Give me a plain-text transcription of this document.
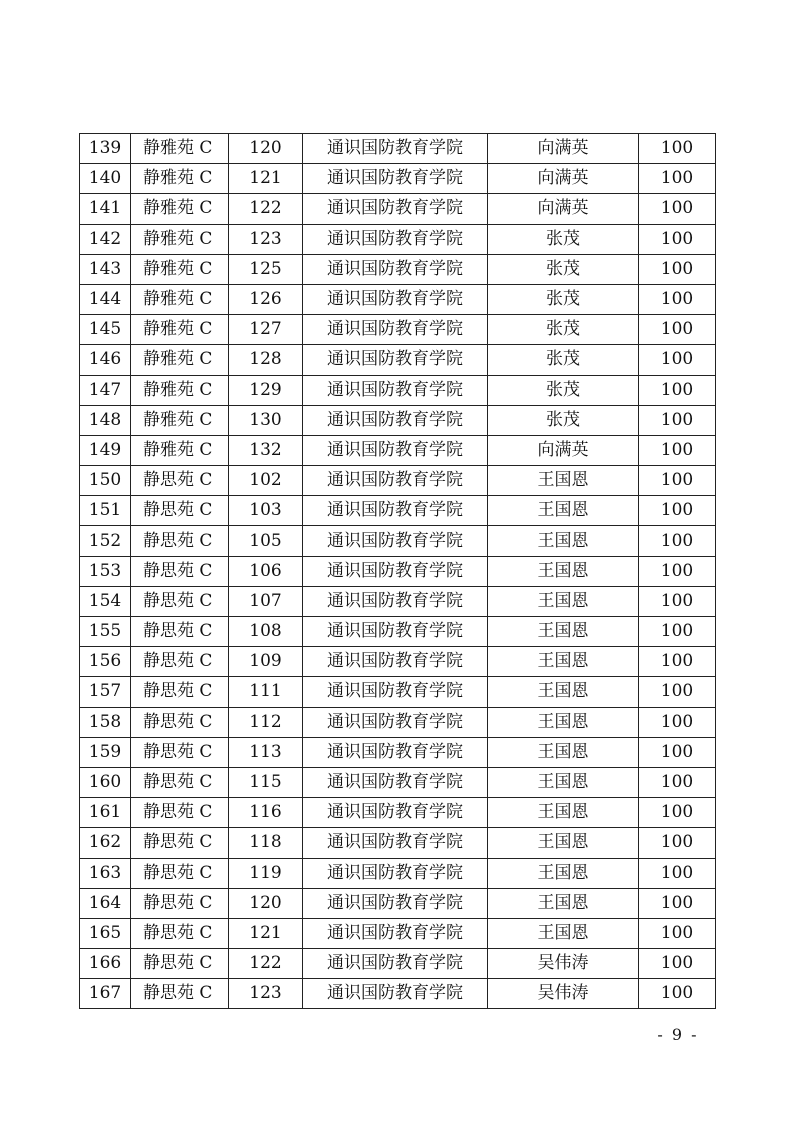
139	静雅苑 C	120	通识国防教育学院	向满英	100
140	静雅苑 C	121	通识国防教育学院	向满英	100
141	静雅苑 C	122	通识国防教育学院	向满英	100
142	静雅苑 C	123	通识国防教育学院	张茂	100
143	静雅苑 C	125	通识国防教育学院	张茂	100
144	静雅苑 C	126	通识国防教育学院	张茂	100
145	静雅苑 C	127	通识国防教育学院	张茂	100
146	静雅苑 C	128	通识国防教育学院	张茂	100
147	静雅苑 C	129	通识国防教育学院	张茂	100
148	静雅苑 C	130	通识国防教育学院	张茂	100
149	静雅苑 C	132	通识国防教育学院	向满英	100
150	静思苑 C	102	通识国防教育学院	王国恩	100
151	静思苑 C	103	通识国防教育学院	王国恩	100
152	静思苑 C	105	通识国防教育学院	王国恩	100
153	静思苑 C	106	通识国防教育学院	王国恩	100
154	静思苑 C	107	通识国防教育学院	王国恩	100
155	静思苑 C	108	通识国防教育学院	王国恩	100
156	静思苑 C	109	通识国防教育学院	王国恩	100
157	静思苑 C	111	通识国防教育学院	王国恩	100
158	静思苑 C	112	通识国防教育学院	王国恩	100
159	静思苑 C	113	通识国防教育学院	王国恩	100
160	静思苑 C	115	通识国防教育学院	王国恩	100
161	静思苑 C	116	通识国防教育学院	王国恩	100
162	静思苑 C	118	通识国防教育学院	王国恩	100
163	静思苑 C	119	通识国防教育学院	王国恩	100
164	静思苑 C	120	通识国防教育学院	王国恩	100
165	静思苑 C	121	通识国防教育学院	王国恩	100
166	静思苑 C	122	通识国防教育学院	吴伟涛	100
167	静思苑 C	123	通识国防教育学院	吴伟涛	100
- 9 -
